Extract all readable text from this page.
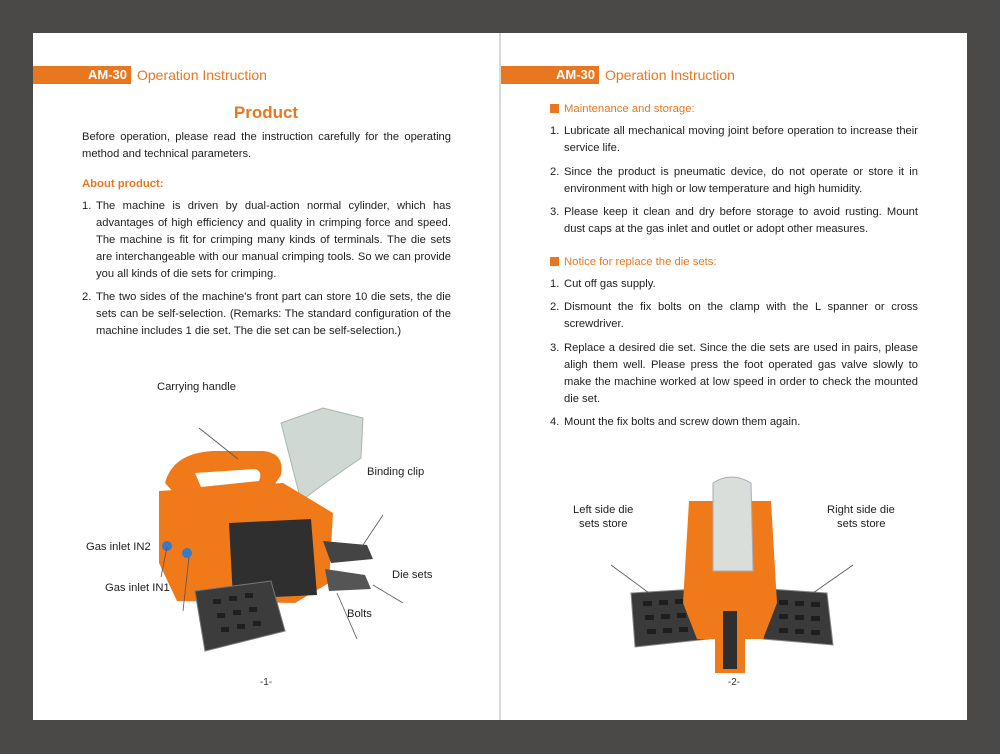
AM-30 Operation Instruction
Product
Before operation, please read the instruction carefully for the operating method and technical parameters.
About product:
1. The machine is driven by dual-action normal cylinder, which has advantages of high efficiency and quality in crimping force and speed. The machine is fit for crimping many kinds of terminals. The die sets are interchangeable with our manual crimping tools. So we can provide you all kinds of die sets for crimping.
2. The two sides of the machine's front part can store 10 die sets, the die sets can be self-selection. (Remarks: The standard configuration of the machine includes 1 die set. The die set can be self-selection.)
Carrying handle
Binding clip
Gas inlet IN2
Gas inlet IN1
Die sets
Bolts
-1-
AM-30 Operation Instruction
Maintenance and storage:
1. Lubricate all mechanical moving joint before operation to increase their service life.
2. Since the product is pneumatic device, do not operate or store it in environment with high or low temperature and high humidity.
3. Please keep it clean and dry before storage to avoid rusting. Mount dust caps at the gas inlet and outlet or adopt other measures.
Notice for replace the die sets:
1. Cut off gas supply.
2. Dismount the fix bolts on the clamp with the L spanner or cross screwdriver.
3. Replace a desired die set. Since the die sets are used in pairs, please aligh them well. Please press the foot operated gas valve slowly to make the machine worked at low speed in order to check the mounted die set.
4. Mount the fix bolts and screw down them again.
Left side die
sets store
Right side die
sets store
-2-
